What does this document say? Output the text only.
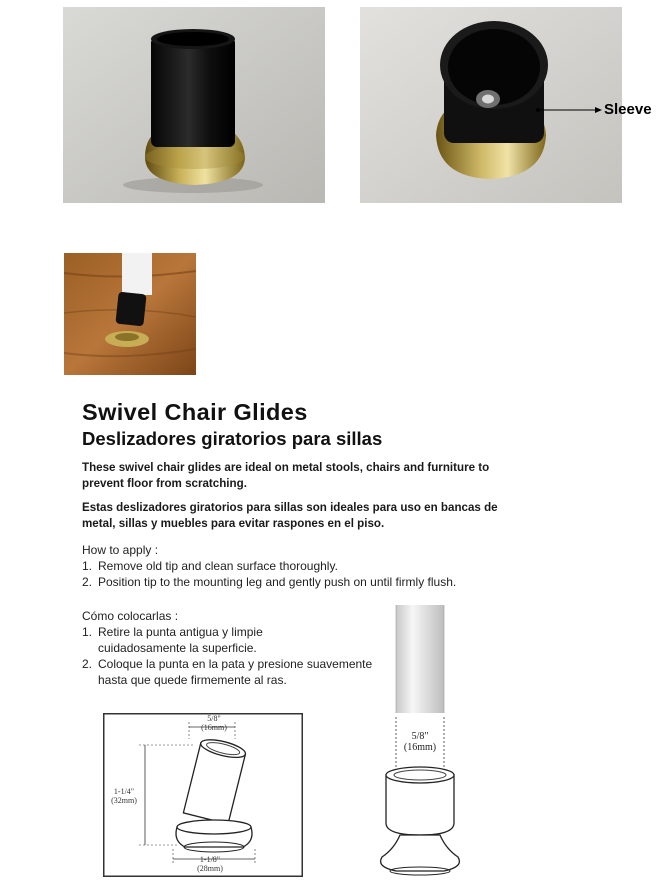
Sleeve
Swivel Chair Glides
Deslizadores giratorios para sillas

These swivel chair glides are ideal on metal stools, chairs and furniture to prevent floor from scratching.

Estas deslizadores giratorios para sillas son ideales para uso en bancas de metal, sillas y muebles para evitar raspones en el piso.

How to apply :

1. Remove old tip and clean surface thoroughly.
2. Position tip to the mounting leg and gently push on until firmly flush.

Cómo colocarlas :

1. Retire la punta antigua y limpie cuidadosamente la superficie.
2. Coloque la punta en la pata y presione suavemente hasta que quede firmemente al ras.
5/8"
(16mm)
1-1/4"
(32mm)
1-1/8"
(28mm)
5/8"
(16mm)
